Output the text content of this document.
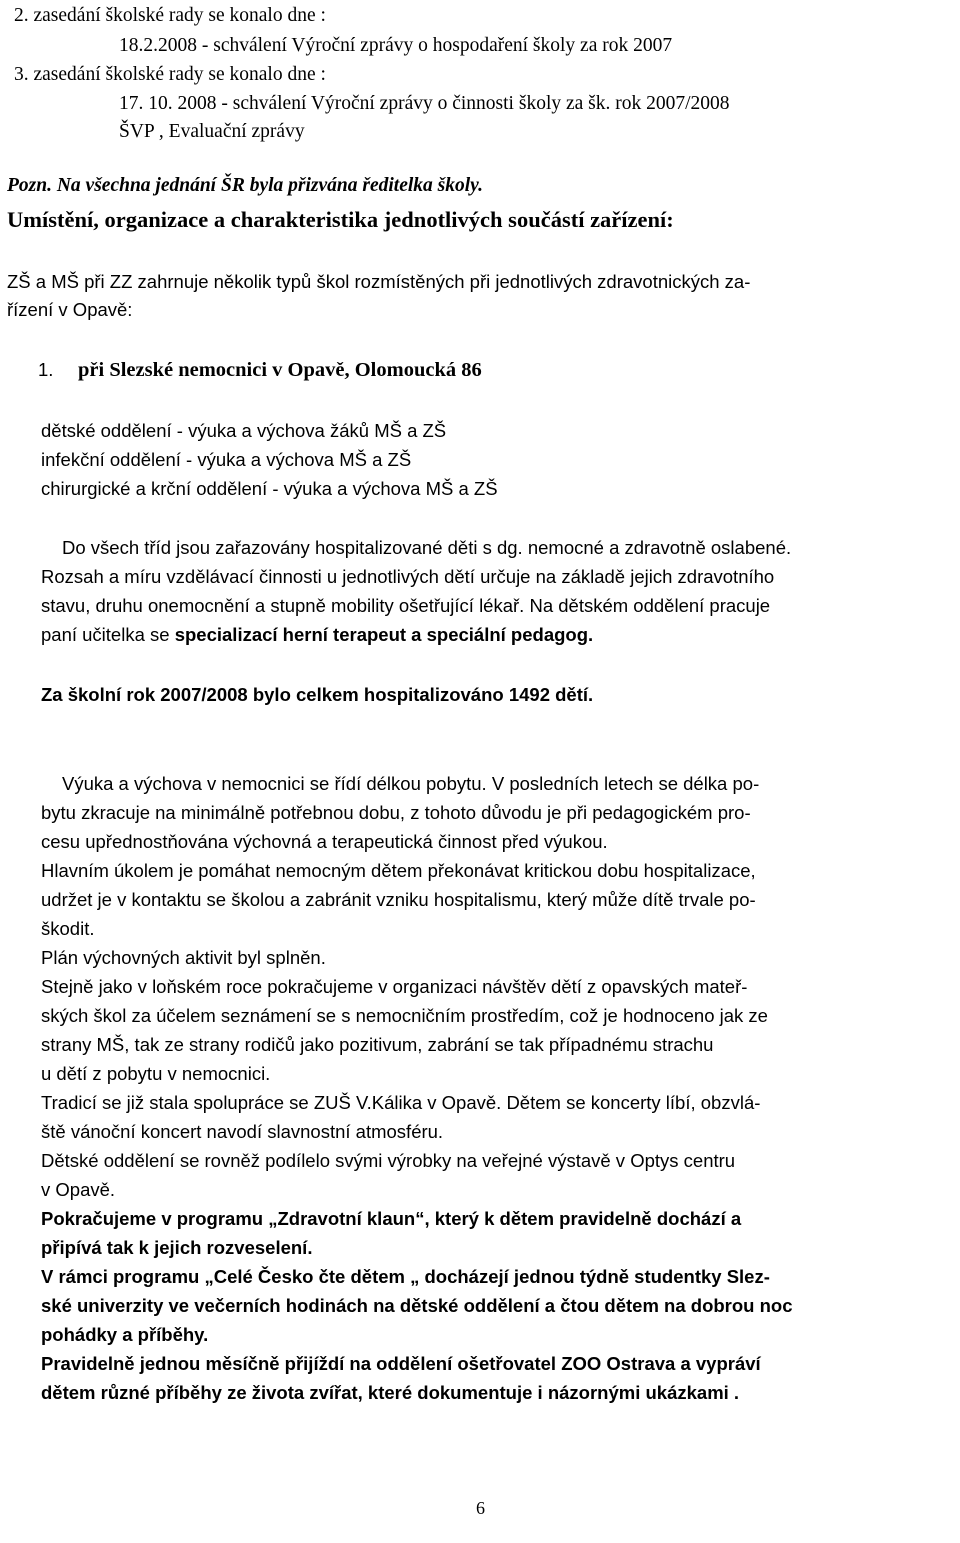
2. zasedání školské rady se konalo dne :
18.2.2008 - schválení Výroční zprávy o hospodaření školy za rok 2007
3. zasedání školské rady se konalo dne :
17. 10. 2008 - schválení Výroční zprávy o činnosti školy za šk. rok 2007/2008
ŠVP , Evaluační zprávy
Pozn. Na všechna jednání ŠR byla přizvána ředitelka školy.
Umístění, organizace a charakteristika jednotlivých součástí zařízení:
ZŠ a MŠ při ZZ zahrnuje několik typů škol rozmístěných při jednotlivých zdravotnických za-
řízení v Opavě:
1. při Slezské nemocnici v Opavě, Olomoucká 86
dětské oddělení - výuka a výchova žáků MŠ a ZŠ
infekční oddělení - výuka a výchova MŠ a ZŠ
chirurgické a krční oddělení - výuka a výchova MŠ a ZŠ
Do všech tříd jsou zařazovány hospitalizované děti s dg. nemocné a zdravotně oslabené.
Rozsah a míru vzdělávací činnosti u jednotlivých dětí určuje na základě jejich zdravotního
stavu, druhu onemocnění a stupně mobility ošetřující lékař. Na dětském oddělení pracuje
paní učitelka se specializací herní terapeut a speciální pedagog.
Za školní rok 2007/2008 bylo celkem hospitalizováno 1492 dětí.
Výuka a výchova v nemocnici se řídí délkou pobytu. V posledních letech se délka po-
bytu zkracuje na minimálně potřebnou dobu, z tohoto důvodu je při pedagogickém pro-
cesu upřednostňována výchovná a terapeutická činnost před výukou.
Hlavním úkolem je pomáhat nemocným dětem překonávat kritickou dobu hospitalizace,
udržet je v kontaktu se školou a zabránit vzniku hospitalismu, který může dítě trvale po-
škodit.
Plán výchovných aktivit byl splněn.
Stejně jako v loňském roce pokračujeme v organizaci návštěv dětí z opavských mateř-
ských škol za účelem seznámení se s nemocničním prostředím, což je hodnoceno jak ze
strany MŠ, tak ze strany rodičů jako pozitivum, zabrání se tak případnému strachu
u dětí z pobytu v nemocnici.
Tradicí se již stala spolupráce se ZUŠ V.Kálika v Opavě. Dětem se koncerty líbí, obzvlá-
ště vánoční koncert navodí slavnostní atmosféru.
Dětské oddělení se rovněž podílelo svými výrobky na veřejné výstavě v Optys centru
v Opavě.
Pokračujeme v programu „Zdravotní klaun“, který k dětem pravidelně dochází a
připívá tak k jejich rozveselení.
V rámci programu „Celé Česko čte dětem „ docházejí jednou týdně studentky Slez-
ské univerzity ve večerních hodinách na dětské oddělení a čtou dětem na dobrou noc
pohádky a příběhy.
Pravidelně jednou měsíčně přijíždí na oddělení ošetřovatel ZOO Ostrava a vypráví
dětem různé příběhy ze života zvířat, které dokumentuje i názornými ukázkami .
6
